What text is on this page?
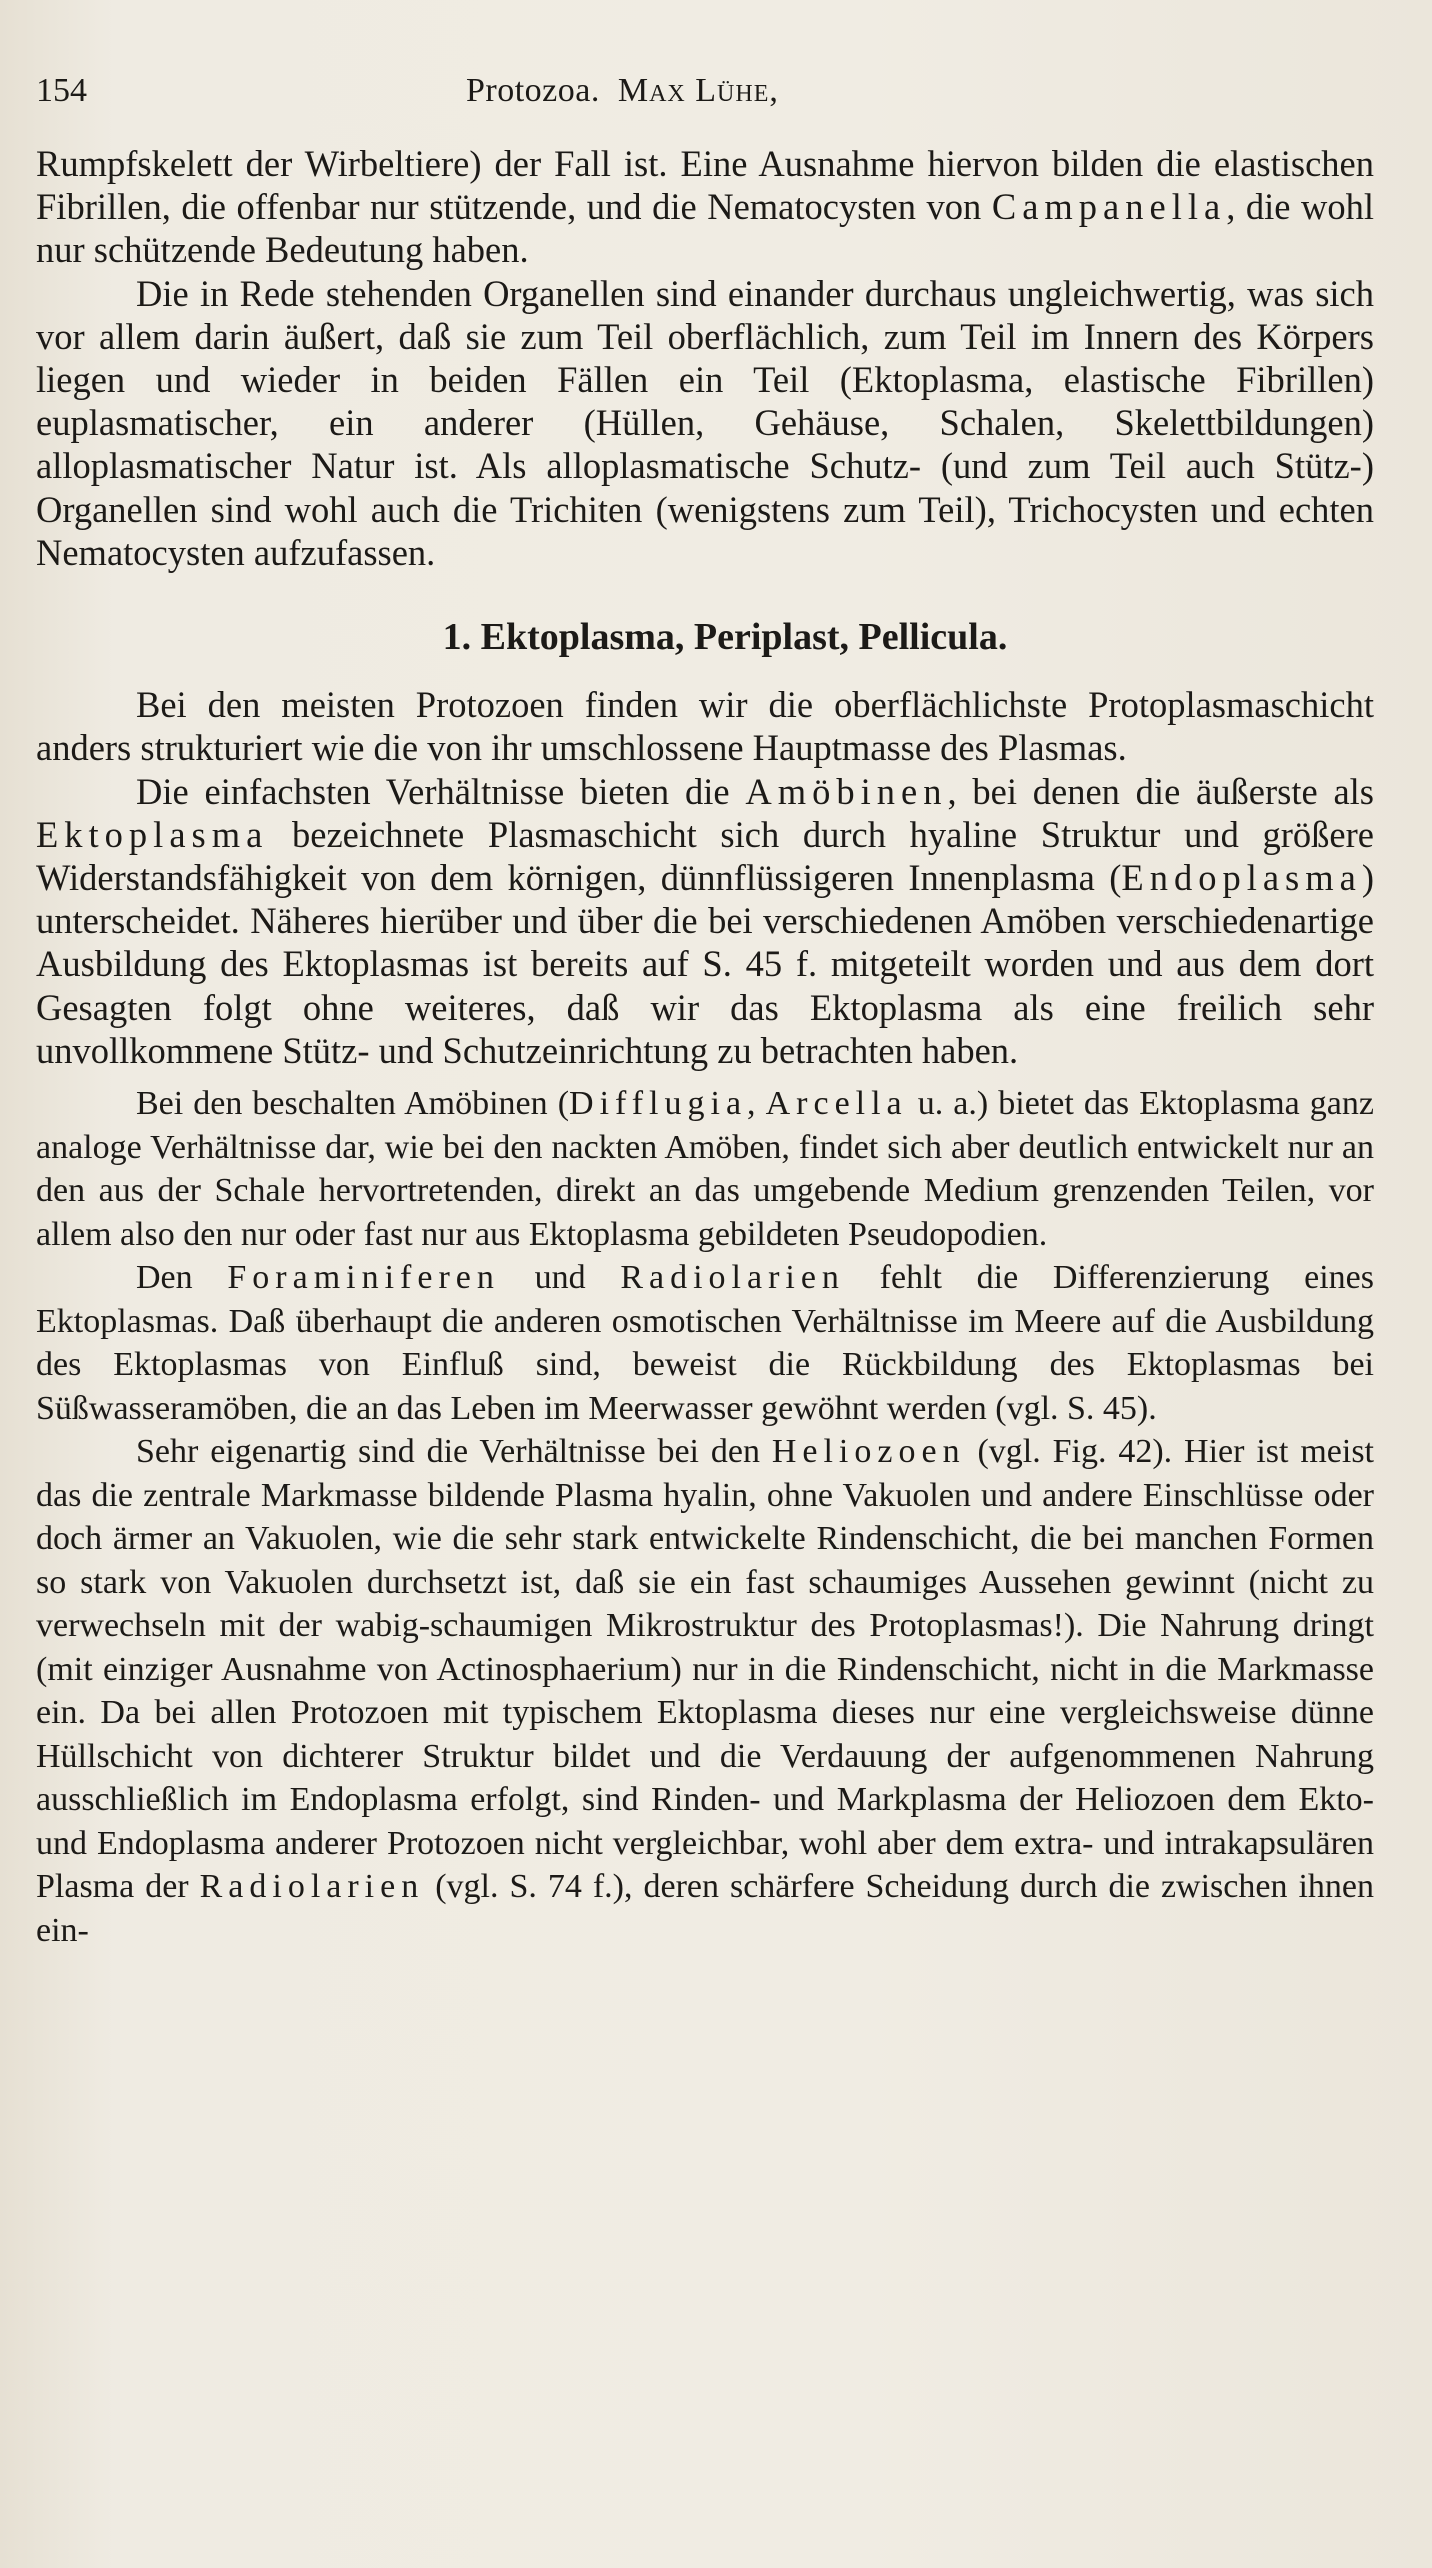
154	Protozoa. Max Lühe,

Rumpfskelett der Wirbeltiere) der Fall ist. Eine Ausnahme hiervon bilden die elastischen Fibrillen, die offenbar nur stützende, und die Nematocysten von Campanella, die wohl nur schützende Bedeutung haben.

Die in Rede stehenden Organellen sind einander durchaus ungleichwertig, was sich vor allem darin äußert, daß sie zum Teil oberflächlich, zum Teil im Innern des Körpers liegen und wieder in beiden Fällen ein Teil (Ektoplasma, elastische Fibrillen) euplasmatischer, ein anderer (Hüllen, Gehäuse, Schalen, Skelettbildungen) alloplasmatischer Natur ist. Als alloplasmatische Schutz- (und zum Teil auch Stütz-) Organellen sind wohl auch die Trichiten (wenigstens zum Teil), Trichocysten und echten Nematocysten aufzufassen.

1. Ektoplasma, Periplast, Pellicula.

Bei den meisten Protozoen finden wir die oberflächlichste Protoplasmaschicht anders strukturiert wie die von ihr umschlossene Hauptmasse des Plasmas.

Die einfachsten Verhältnisse bieten die Amöbinen, bei denen die äußerste als Ektoplasma bezeichnete Plasmaschicht sich durch hyaline Struktur und größere Widerstandsfähigkeit von dem körnigen, dünnflüssigeren Innenplasma (Endoplasma) unterscheidet. Näheres hierüber und über die bei verschiedenen Amöben verschiedenartige Ausbildung des Ektoplasmas ist bereits auf S. 45 f. mitgeteilt worden und aus dem dort Gesagten folgt ohne weiteres, daß wir das Ektoplasma als eine freilich sehr unvollkommene Stütz- und Schutzeinrichtung zu betrachten haben.

Bei den beschalten Amöbinen (Difflugia, Arcella u. a.) bietet das Ektoplasma ganz analoge Verhältnisse dar, wie bei den nackten Amöben, findet sich aber deutlich entwickelt nur an den aus der Schale hervortretenden, direkt an das umgebende Medium grenzenden Teilen, vor allem also den nur oder fast nur aus Ektoplasma gebildeten Pseudopodien.

Den Foraminiferen und Radiolarien fehlt die Differenzierung eines Ektoplasmas. Daß überhaupt die anderen osmotischen Verhältnisse im Meere auf die Ausbildung des Ektoplasmas von Einfluß sind, beweist die Rückbildung des Ektoplasmas bei Süßwasseramöben, die an das Leben im Meerwasser gewöhnt werden (vgl. S. 45).

Sehr eigenartig sind die Verhältnisse bei den Heliozoen (vgl. Fig. 42). Hier ist meist das die zentrale Markmasse bildende Plasma hyalin, ohne Vakuolen und andere Einschlüsse oder doch ärmer an Vakuolen, wie die sehr stark entwickelte Rindenschicht, die bei manchen Formen so stark von Vakuolen durchsetzt ist, daß sie ein fast schaumiges Aussehen gewinnt (nicht zu verwechseln mit der wabig-schaumigen Mikrostruktur des Protoplasmas!). Die Nahrung dringt (mit einziger Ausnahme von Actinosphaerium) nur in die Rindenschicht, nicht in die Markmasse ein. Da bei allen Protozoen mit typischem Ektoplasma dieses nur eine vergleichsweise dünne Hüllschicht von dichterer Struktur bildet und die Verdauung der aufgenommenen Nahrung ausschließlich im Endoplasma erfolgt, sind Rinden- und Markplasma der Heliozoen dem Ekto- und Endoplasma anderer Protozoen nicht vergleichbar, wohl aber dem extra- und intrakapsulären Plasma der Radiolarien (vgl. S. 74 f.), deren schärfere Scheidung durch die zwischen ihnen ein-
